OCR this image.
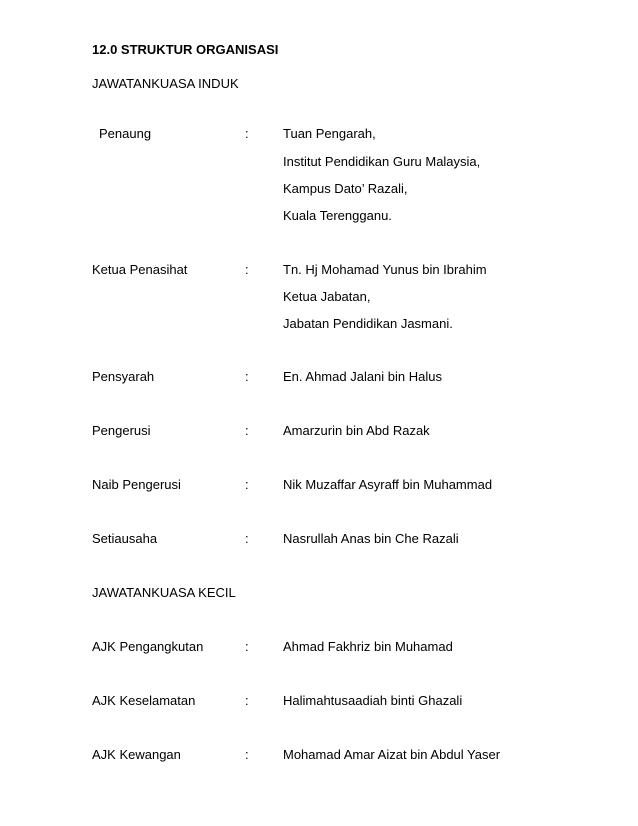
12.0 STRUKTUR ORGANISASI
JAWATANKUASA INDUK
Penaung	:	Tuan Pengarah,
Institut Pendidikan Guru Malaysia,
Kampus Dato’ Razali,
Kuala Terengganu.
Ketua Penasihat	:	Tn. Hj Mohamad Yunus bin Ibrahim
Ketua Jabatan,
Jabatan Pendidikan Jasmani.
Pensyarah	:	En. Ahmad Jalani bin Halus
Pengerusi	:	Amarzurin bin Abd Razak
Naib Pengerusi	:	Nik Muzaffar Asyraff bin Muhammad
Setiausaha	:	Nasrullah Anas bin Che Razali
JAWATANKUASA KECIL
AJK Pengangkutan	:	Ahmad Fakhriz bin Muhamad
AJK Keselamatan	:	Halimahtusaadiah binti Ghazali
AJK Kewangan	:	Mohamad Amar Aizat bin Abdul Yaser
